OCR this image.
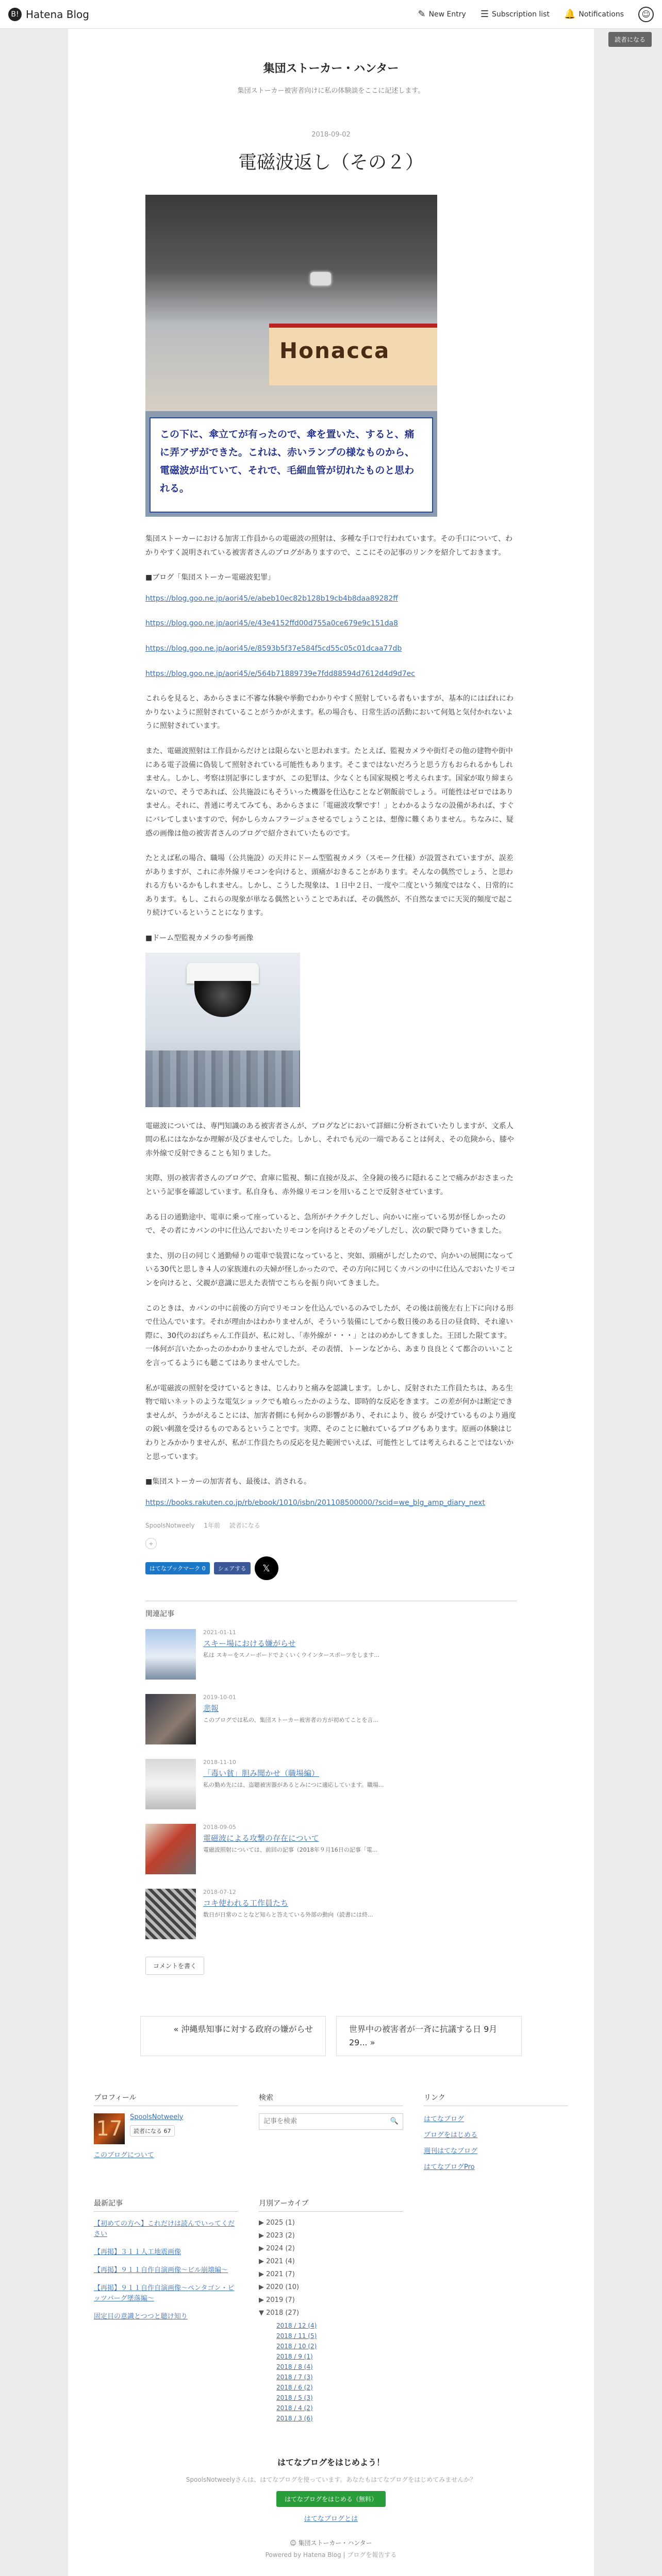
B! Hatena Blog	✎ New Entry ☰ Subscription list 🔔 Notifications	☺
読者になる
集団ストーカー・ハンター
集団ストーカー被害者向けに私の体験談をここに記述します。
2018-09-02
電磁波返し（その２）
Honacca

この下に、傘立てが有ったので、傘を置いた、すると、痛に弄アザができた。これは、赤いランプの様なものから、電磁波が出ていて、それで、毛細血管が切れたものと思われる。

集団ストーカーにおける加害工作員からの電磁波の照射は、多種な手口で行われています。その手口について、わかりやすく説明されている被害者さんのブログがありますので、ここにその記事のリンクを紹介しておきます。

■ブログ「集団ストーカー電磁波犯罪」

https://blog.goo.ne.jp/aori45/e/abeb10ec82b128b19cb4b8daa89282ff

https://blog.goo.ne.jp/aori45/e/43e4152ffd00d755a0ce679e9c151da8

https://blog.goo.ne.jp/aori45/e/8593b5f37e584f5cd55c05c01dcaa77db

https://blog.goo.ne.jp/aori45/e/564b71889739e7fdd88594d7612d4d9d7ec

これらを見ると、あからさまに不審な体験や挙動でわかりやすく照射している者もいますが、基本的にはばれにわかりないように照射されていることがうかがえます。私の場合も、日常生活の活動において何処と気付かれないように照射されています。

また、電磁波照射は工作員からだけとは限らないと思われます。たとえば、監視カメラや街灯その他の建物や街中にある電子設備に偽装して照射されている可能性もあります。そこまではないだろうと思う方もおられるかもしれません。しかし、考察は別記事にしますが、この犯罪は、少なくとも国家規模と考えられます。国家が取り締まらないので、そうであれば、公共施設にもそういった機器を仕込むことなど朝飯前でしょう。可能性はゼロではありません。それに、普通に考えてみても、あからさまに「電磁波攻撃です！」とわかるようなの設備があれば、すぐにバレてしまいますので、何かしらカムフラージュさせるでしょうことは、想像に難くありません。ちなみに、疑惑の画像は他の被害者さんのブログで紹介されていたものです。

たとえば私の場合、職場（公共施設）の天井にドーム型監視カメラ（スモーク仕様）が設置されていますが、誤差がありますが、これに赤外線リモコンを向けると、頭痛がおきることがあります。そんなの偶然でしょう、と思われる方もいるかもしれません。しかし、こうした現象は、１日中２日、一度や二度という頻度ではなく、日常的にあります。もし、これらの現象が単なる偶然ということであれば、その偶然が、不自然なまでに天災的頻度で起こり続けているということになります。

■ドーム型監視カメラの参考画像

電磁波については、専門知識のある被害者さんが、ブログなどにおいて詳細に分析されていたりしますが、文系人間の私にはなかなか理解が及びませんでした。しかし、それでも元の一端であることは何え、その危険から、膝や赤外線で反射できることも知りました。

実際、別の被害者さんのブログで、倉庫に監視、類に直接が及ぶ、全身鏡の後ろに隠れることで痛みがおさまったという記事を確認しています。私自身も、赤外線リモコンを用いることで反射させています。

ある日の通勤途中、電車に乗って座っていると、急所がチクチクしだし、向かいに座っている男が怪しかったので、その者にカバンの中に仕込んでおいたリモコンを向けるとそのゾモゾしだし、次の駅で降りていきました。

また、別の日の同じく通勤帰りの電車で装置になっていると、突如、頭痛がしだしたので、向かいの展開になっている30代と思しき４人の家族連れの夫婦が怪しかったので、その方向に同じくカバンの中に仕込んでおいたリモコンを向けると、父親が意識に思えた表情でこちらを振り向いてきました。

このときは、カバンの中に前後の方向でリモコンを仕込んでいるのみでしたが、その後は前後左右上下に向ける形で仕込んでいます。それが理由かはわかりませんが、そういう装備にしてから数日後のある日の昼食時、それ違い際に、30代のおばちゃん工作員が、私に対し、「赤外線が・・・」とはのめかしてきました。王団した限てます。一体何が言いたかったのかわかりませんでしたが、その表情、トーンなどから、あまり良良とくて都合のいいことを言ってるようにも聴こてはありませんでした。

私が電磁波の照射を受けているときは、じんわりと痛みを認識します。しかし、反射された工作員たちは、ある生物で暗いネットのような電気ショックでも喰らったかのような、即時的な反応をきます。この差が何かは断定できませんが、うかがえることには、加害者側にも何からの影響があり、それにより、彼ら が受けているものより過度の鋭い刺激を受けるものであるということです。実際、そのことに触れているブログもあります。原画の体験はじわりとみかかりませんが、私が工作員たちの反応を見た範囲でいえば、可能性としては考えられることではないかと思っています。

■集団ストーカーの加害者も、最後は、消される。

https://books.rakuten.co.jp/rb/ebook/1010/isbn/201108500000/?scid=we_blg_amp_diary_next

SpoolsNotweely 1年前 読者になる
+
はてなブックマーク 0	シェアする	𝕏
関連記事
2021-01-11
スキー場における嫌がらせ
私は スキーをスノーボードでよくいくウインタースポーツをします...
2019-10-01
悲報
このブログでは私の、集団ストーカー被害者の方が初めてことを言...
2018-11-10
「毒い貧」胆み聞かせ（職場編）
私の勤め先には、盗聴被害器があるとみにつに適応しています。職場...
2018-09-05
電磁波による攻撃の存在について
電磁波照射については、前回の記事（2018年９月16日の記事「電...
2018-07-12
コキ使われる工作員たち
数日が日常のことなど知らと答えている外部の動向（読書には終...
コメントを書く
« 沖縄県知事に対する政府の嫌がらせ	世界中の被害者が一斉に抗議する日 9月29... »
プロフィール
17	SpoolsNotweely
読者になる 67

このブログについて

検索
記事を検索
🔍
リンク

はてなブログ

ブログをはじめる

週刊はてなブログ

はてなブログPro

最新記事

【初めての方へ】これだけは読んでいってください

【再掲】３１１人工地震画像

【再掲】９１１自作自演画像〜ビル崩壊編〜

【再掲】９１１自作自演画像〜ペンタゴン・ピッツバーグ墜落編〜

固定目の意識とつつと聴け知り

月別アーカイブ

▶ 2025 (1)

▶ 2023 (2)

▶ 2024 (2)

▶ 2021 (4)

▶ 2021 (7)

▶ 2020 (10)

▶ 2019 (7)

▼ 2018 (27)

2018 / 12 (4)

2018 / 11 (5)

2018 / 10 (2)

2018 / 9 (1)

2018 / 8 (4)

2018 / 7 (3)

2018 / 6 (2)

2018 / 5 (3)

2018 / 4 (2)

2018 / 3 (6)

はてなブログをはじめよう！
SpoolsNotweelyさんは、はてなブログを使っています。あなたもはてなブログをはじめてみませんか？
はてなブログをはじめる（無料）
はてなブログとは
☺ 集団ストーカー・ハンター
Powered by Hatena Blog | ブログを報告する
